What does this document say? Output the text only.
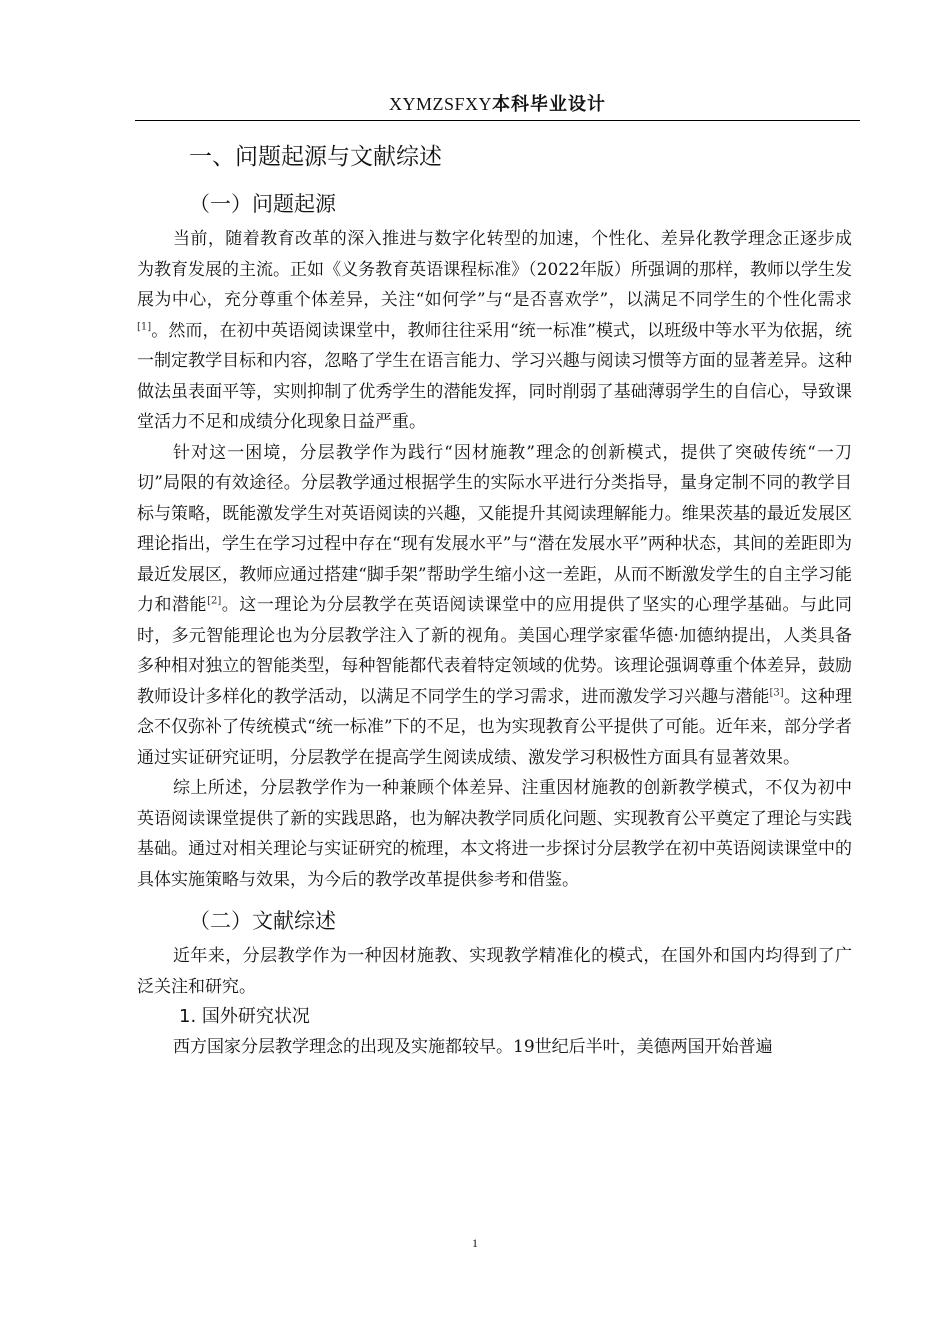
XYMZSFXY本科毕业设计
一、问题起源与文献综述
（一）问题起源

当前，随着教育改革的深入推进与数字化转型的加速，个性化、差异化教学理念正逐步成为教育发展的主流。正如《义务教育英语课程标准》（2022年版）所强调的那样，教师以学生发展为中心，充分尊重个体差异，关注“如何学”与“是否喜欢学”，以满足不同学生的个性化需求[1]。然而，在初中英语阅读课堂中，教师往往采用“统一标准”模式，以班级中等水平为依据，统一制定教学目标和内容，忽略了学生在语言能力、学习兴趣与阅读习惯等方面的显著差异。这种做法虽表面平等，实则抑制了优秀学生的潜能发挥，同时削弱了基础薄弱学生的自信心，导致课堂活力不足和成绩分化现象日益严重。

针对这一困境，分层教学作为践行“因材施教”理念的创新模式，提供了突破传统“一刀切”局限的有效途径。分层教学通过根据学生的实际水平进行分类指导，量身定制不同的教学目标与策略，既能激发学生对英语阅读的兴趣，又能提升其阅读理解能力。维果茨基的最近发展区理论指出，学生在学习过程中存在“现有发展水平”与“潜在发展水平”两种状态，其间的差距即为最近发展区，教师应通过搭建“脚手架”帮助学生缩小这一差距，从而不断激发学生的自主学习能力和潜能[2]。这一理论为分层教学在英语阅读课堂中的应用提供了坚实的心理学基础。与此同时，多元智能理论也为分层教学注入了新的视角。美国心理学家霍华德·加德纳提出，人类具备多种相对独立的智能类型，每种智能都代表着特定领域的优势。该理论强调尊重个体差异，鼓励教师设计多样化的教学活动，以满足不同学生的学习需求，进而激发学习兴趣与潜能[3]。这种理念不仅弥补了传统模式“统一标准”下的不足，也为实现教育公平提供了可能。近年来，部分学者通过实证研究证明，分层教学在提高学生阅读成绩、激发学习积极性方面具有显著效果。

综上所述，分层教学作为一种兼顾个体差异、注重因材施教的创新教学模式，不仅为初中英语阅读课堂提供了新的实践思路，也为解决教学同质化问题、实现教育公平奠定了理论与实践基础。通过对相关理论与实证研究的梳理，本文将进一步探讨分层教学在初中英语阅读课堂中的具体实施策略与效果，为今后的教学改革提供参考和借鉴。

（二）文献综述

近年来，分层教学作为一种因材施教、实现教学精准化的模式，在国外和国内均得到了广泛关注和研究。

1. 国外研究状况

西方国家分层教学理念的出现及实施都较早。19世纪后半叶，美德两国开始普遍

1
